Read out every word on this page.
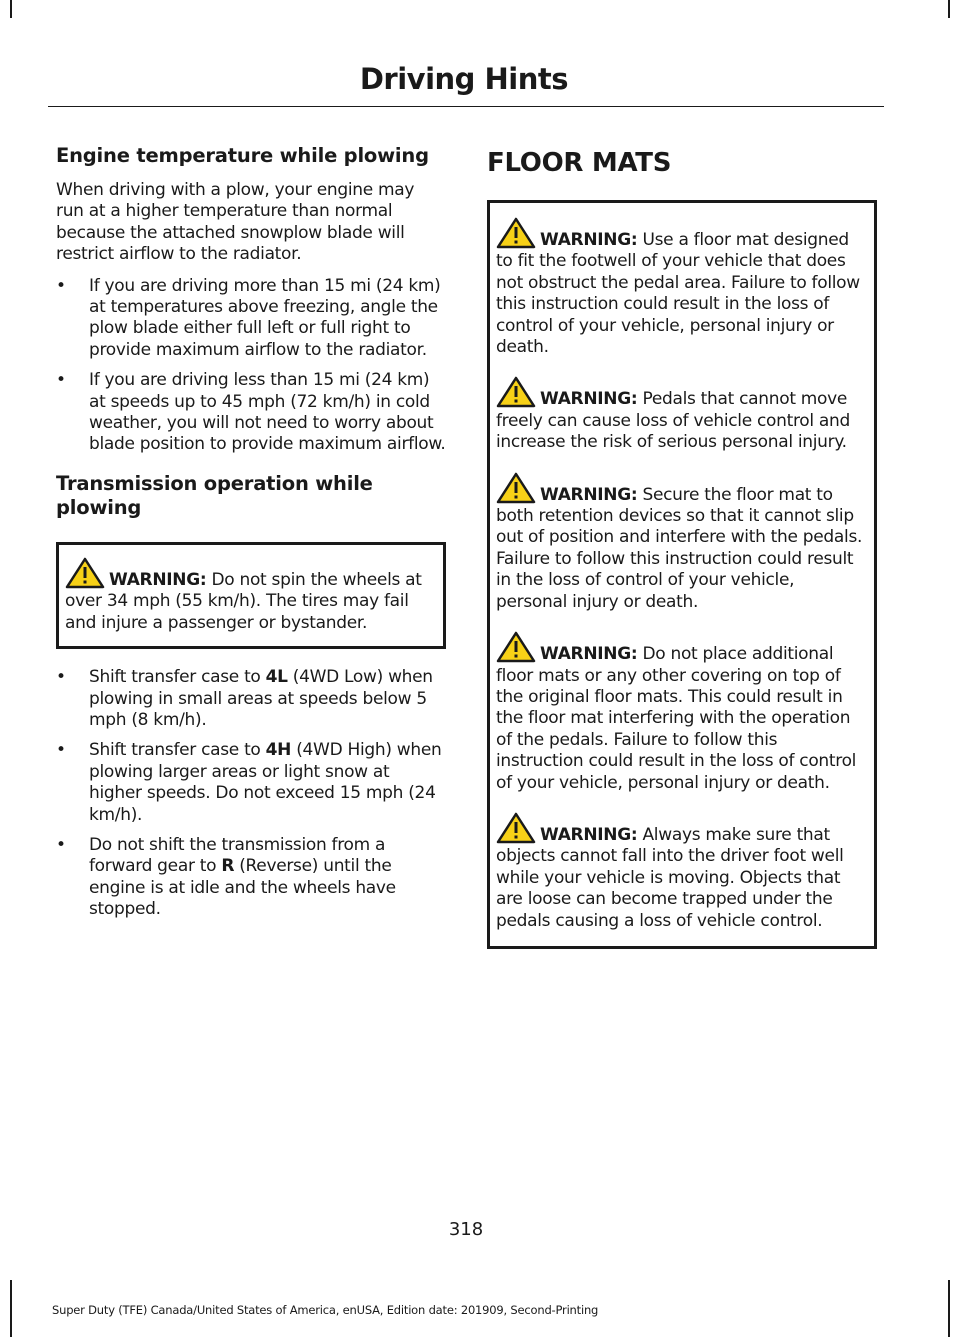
Driving Hints
Engine temperature while plowing

When driving with a plow, your engine may run at a higher temperature than normal because the attached snowplow blade will restrict airflow to the radiator.

• If you are driving more than 15 mi (24 km) at temperatures above freezing, angle the plow blade either full left or full right to provide maximum airflow to the radiator.
• If you are driving less than 15 mi (24 km) at speeds up to 45 mph (72 km/h) in cold weather, you will not need to worry about blade position to provide maximum airflow.
Transmission operation while plowing
WARNING: Do not spin the wheels at over 34 mph (55 km/h). The tires may fail and injure a passenger or bystander.
• Shift transfer case to 4L (4WD Low) when plowing in small areas at speeds below 5 mph (8 km/h).
• Shift transfer case to 4H (4WD High) when plowing larger areas or light snow at higher speeds. Do not exceed 15 mph (24 km/h).
• Do not shift the transmission from a forward gear to R (Reverse) until the engine is at idle and the wheels have stopped.
FLOOR MATS
WARNING: Use a floor mat designed to fit the footwell of your vehicle that does not obstruct the pedal area. Failure to follow this instruction could result in the loss of control of your vehicle, personal injury or death.
WARNING: Pedals that cannot move freely can cause loss of vehicle control and increase the risk of serious personal injury.
WARNING: Secure the floor mat to both retention devices so that it cannot slip out of position and interfere with the pedals. Failure to follow this instruction could result in the loss of control of your vehicle, personal injury or death.
WARNING: Do not place additional floor mats or any other covering on top of the original floor mats. This could result in the floor mat interfering with the operation of the pedals. Failure to follow this instruction could result in the loss of control of your vehicle, personal injury or death.
WARNING: Always make sure that objects cannot fall into the driver foot well while your vehicle is moving. Objects that are loose can become trapped under the pedals causing a loss of vehicle control.
318
Super Duty (TFE) Canada/United States of America, enUSA, Edition date: 201909, Second-Printing
